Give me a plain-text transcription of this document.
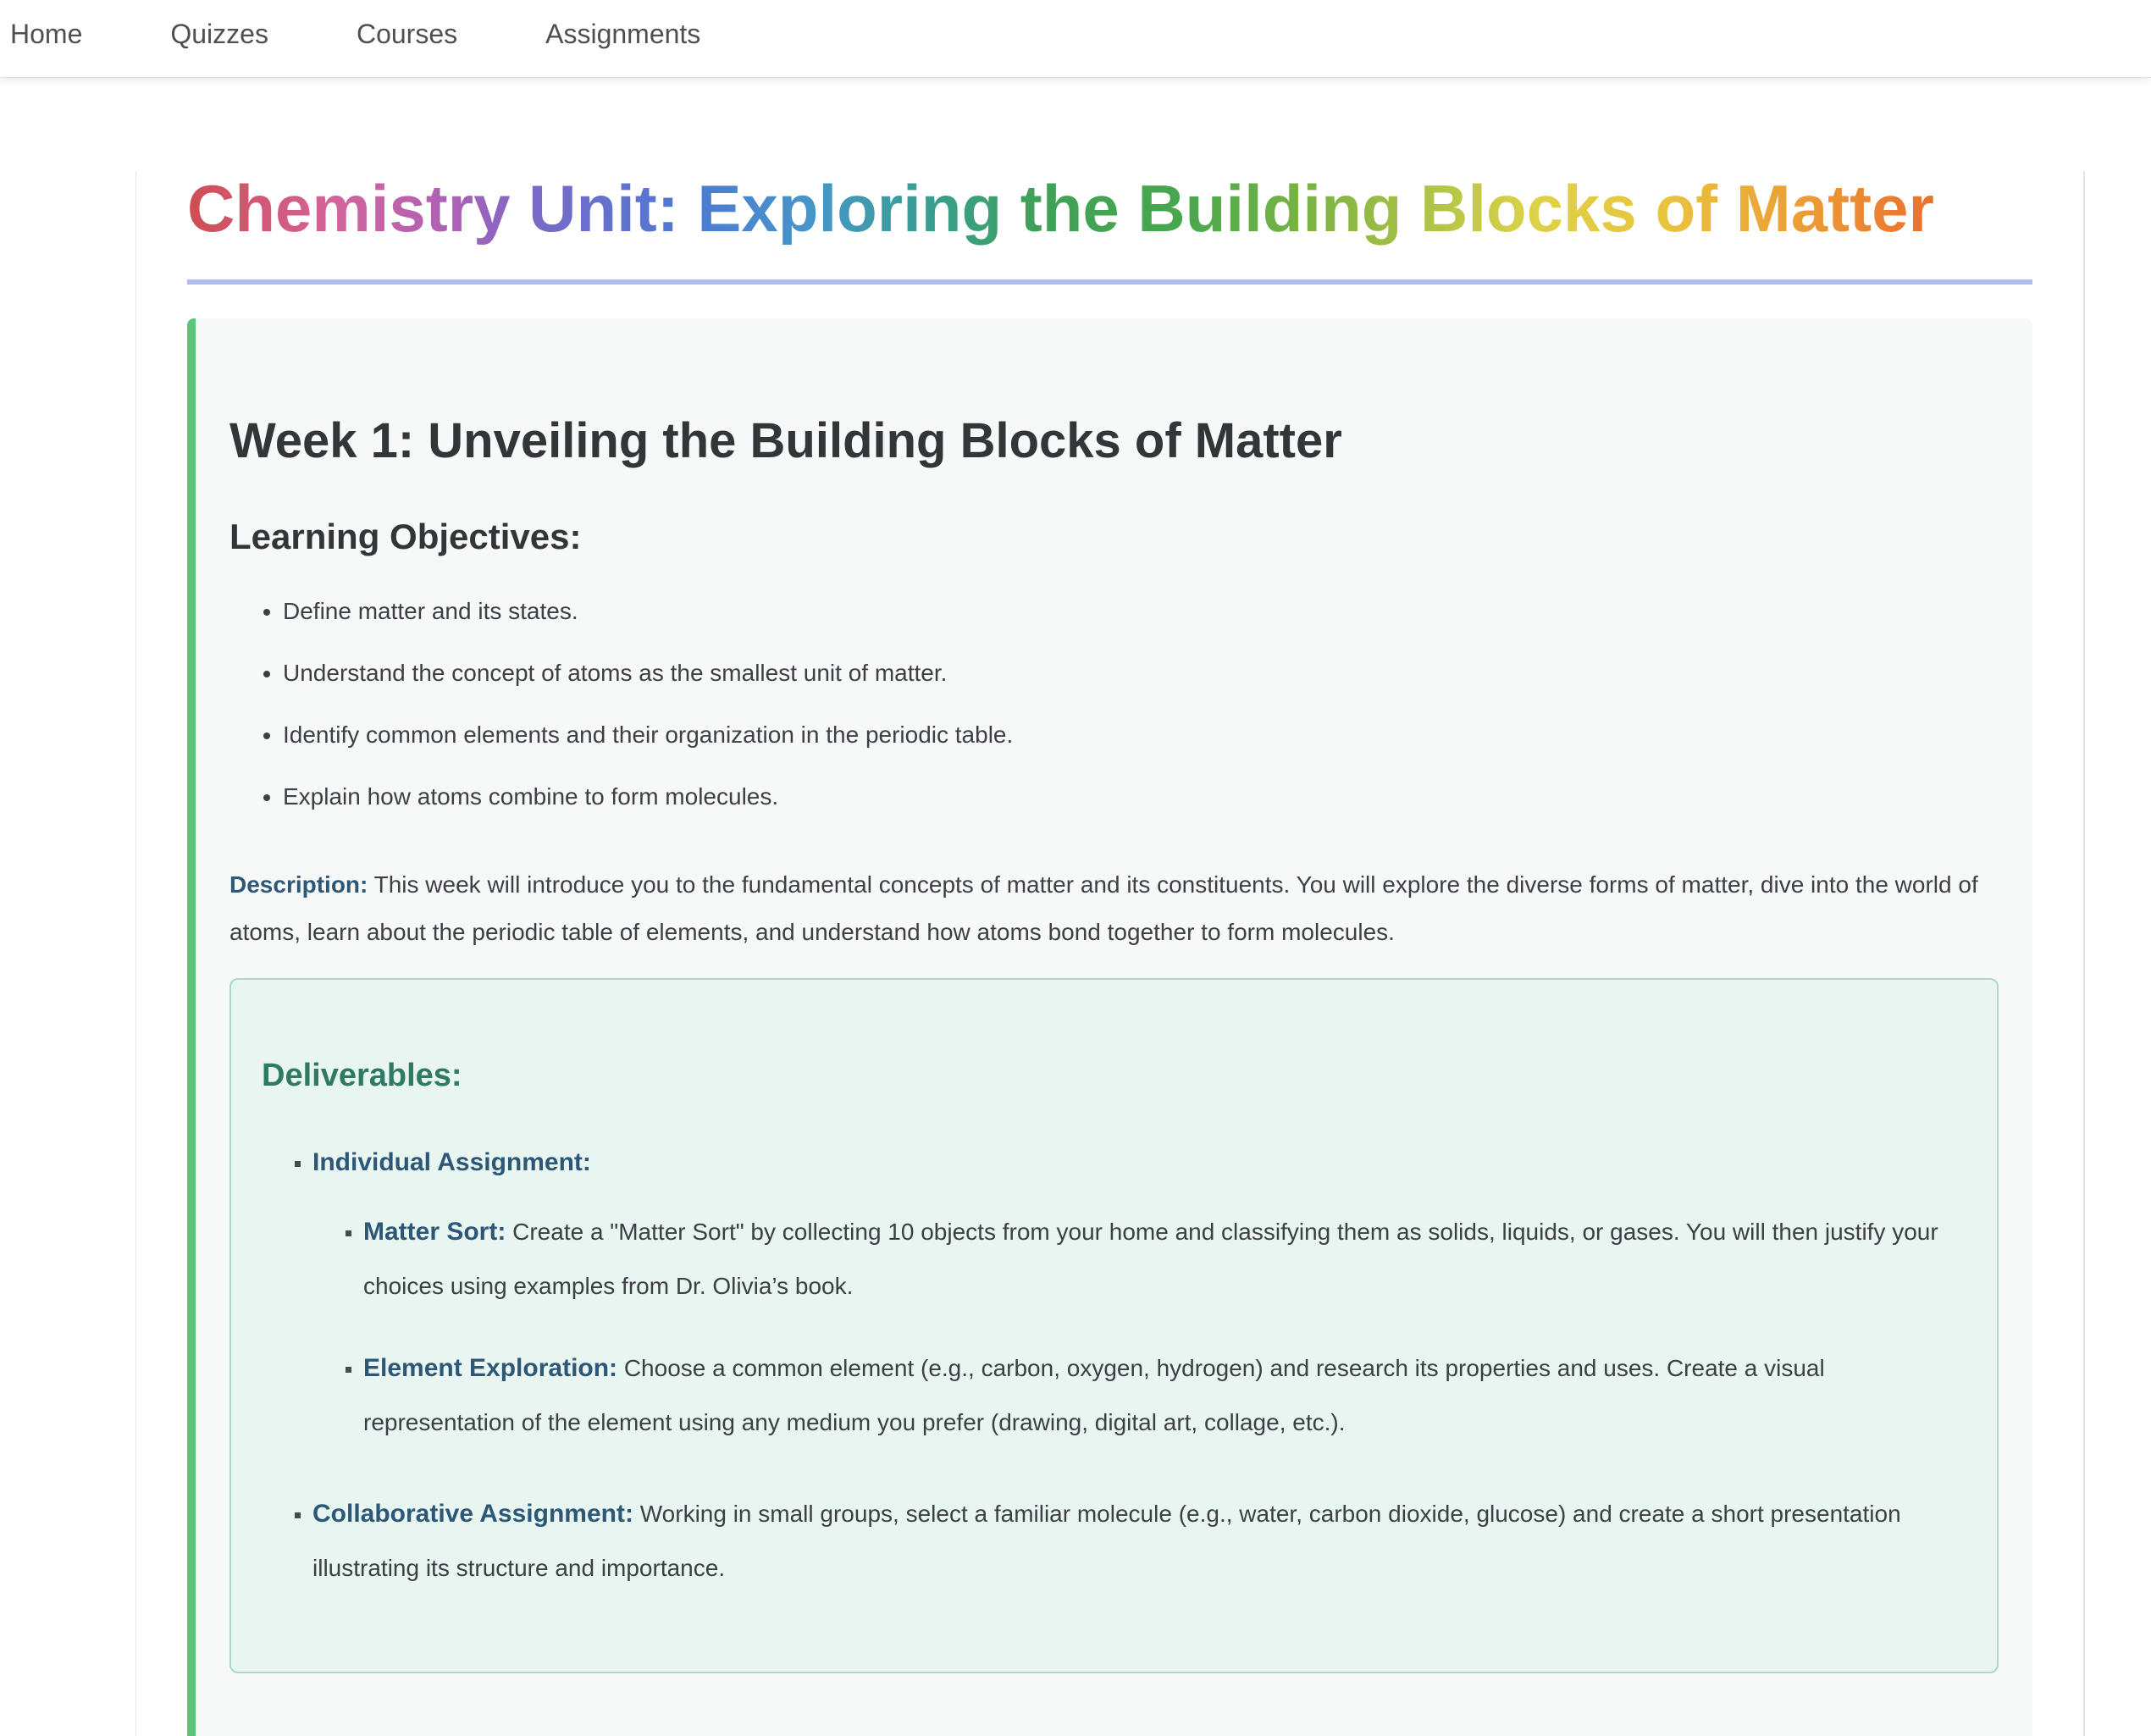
Home	Quizzes	Courses	Assignments
Chemistry Unit: Exploring the Building Blocks of Matter
Week 1: Unveiling the Building Blocks of Matter
Learning Objectives:
• Define matter and its states.
• Understand the concept of atoms as the smallest unit of matter.
• Identify common elements and their organization in the periodic table.
• Explain how atoms combine to form molecules.

Description: This week will introduce you to the fundamental concepts of matter and its constituents. You will explore the diverse forms of matter, dive into the world of atoms, learn about the periodic table of elements, and understand how atoms bond together to form molecules.

Deliverables:
▪ Individual Assignment:
▪ Matter Sort: Create a "Matter Sort" by collecting 10 objects from your home and classifying them as solids, liquids, or gases. You will then justify your choices using examples from Dr. Olivia’s book.
▪ Element Exploration: Choose a common element (e.g., carbon, oxygen, hydrogen) and research its properties and uses. Create a visual representation of the element using any medium you prefer (drawing, digital art, collage, etc.).
▪ Collaborative Assignment: Working in small groups, select a familiar molecule (e.g., water, carbon dioxide, glucose) and create a short presentation illustrating its structure and importance.
